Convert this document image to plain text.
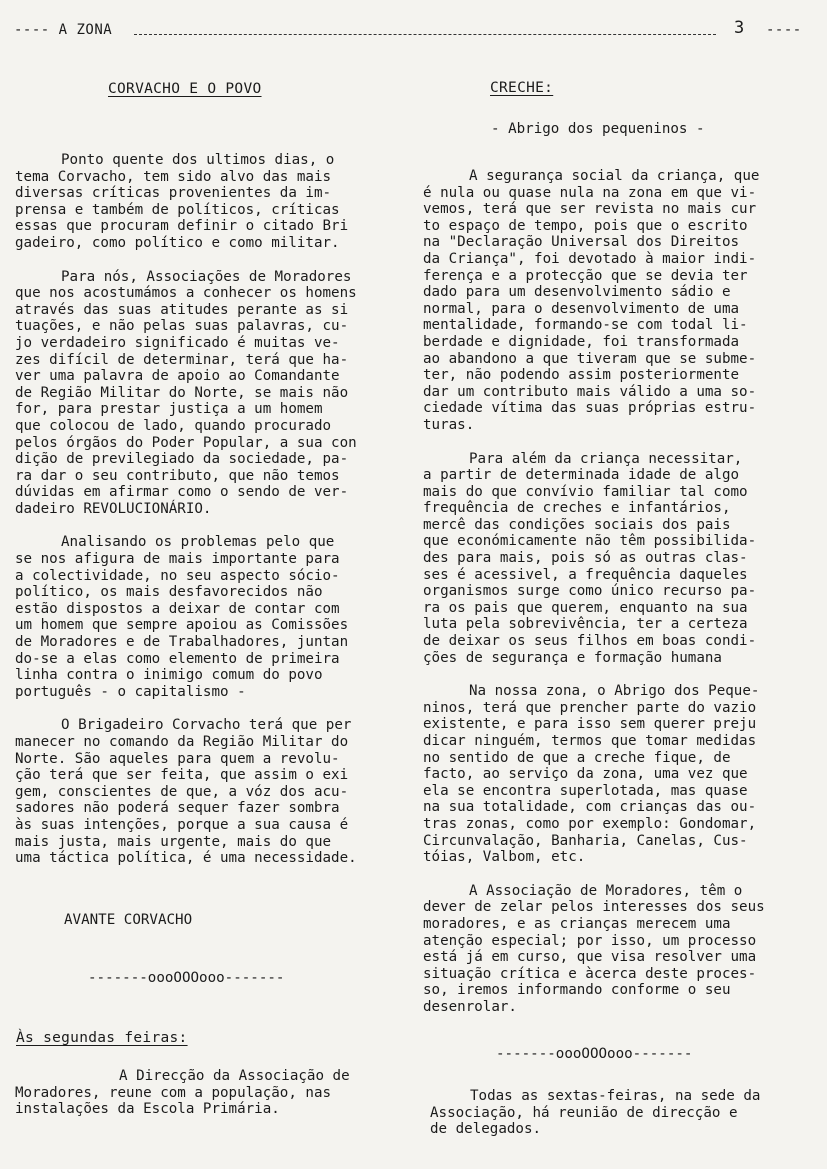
---- A ZONA	3 ----
CORVACHO E O POVO

Ponto quente dos ultimos dias, o
tema Corvacho, tem sido alvo das mais
diversas críticas provenientes da im-
prensa e também de políticos, críticas
essas que procuram definir o citado Bri
gadeiro, como político e como militar.

Para nós, Associações de Moradores
que nos acostumámos a conhecer os homens
através das suas atitudes perante as si
tuações, e não pelas suas palavras, cu-
jo verdadeiro significado é muitas ve-
zes difícil de determinar, terá que ha-
ver uma palavra de apoio ao Comandante
de Região Militar do Norte, se mais não
for, para prestar justiça a um homem
que colocou de lado, quando procurado
pelos órgãos do Poder Popular, a sua con
dição de previlegiado da sociedade, pa-
ra dar o seu contributo, que não temos
dúvidas em afirmar como o sendo de ver-
dadeiro REVOLUCIONÁRIO.

Analisando os problemas pelo que
se nos afigura de mais importante para
a colectividade, no seu aspecto sócio-
político, os mais desfavorecidos não
estão dispostos a deixar de contar com
um homem que sempre apoiou as Comissões
de Moradores e de Trabalhadores, juntan
do-se a elas como elemento de primeira
linha contra o inimigo comum do povo
português - o capitalismo -

O Brigadeiro Corvacho terá que per
manecer no comando da Região Militar do
Norte. São aqueles para quem a revolu-
ção terá que ser feita, que assim o exi
gem, conscientes de que, a vóz dos acu-
sadores não poderá sequer fazer sombra
às suas intenções, porque a sua causa é
mais justa, mais urgente, mais do que
uma táctica política, é uma necessidade.

AVANTE CORVACHO
-------oooOOOooo-------
Às segundas feiras:
A Direcção da Associação de
Moradores, reune com a população, nas
instalações da Escola Primária.
CRECHE:
- Abrigo dos pequeninos -

A segurança social da criança, que
é nula ou quase nula na zona em que vi-
vemos, terá que ser revista no mais cur
to espaço de tempo, pois que o escrito
na "Declaração Universal dos Direitos
da Criança", foi devotado à maior indi-
ferença e a protecção que se devia ter
dado para um desenvolvimento sádio e
normal, para o desenvolvimento de uma
mentalidade, formando-se com todal li-
berdade e dignidade, foi transformada
ao abandono a que tiveram que se subme-
ter, não podendo assim posteriormente
dar um contributo mais válido a uma so-
ciedade vítima das suas próprias estru-
turas.

Para além da criança necessitar,
a partir de determinada idade de algo
mais do que convívio familiar tal como
frequência de creches e infantários,
mercê das condições sociais dos pais
que económicamente não têm possibilida-
des para mais, pois só as outras clas-
ses é acessivel, a frequência daqueles
organismos surge como único recurso pa-
ra os pais que querem, enquanto na sua
luta pela sobrevivência, ter a certeza
de deixar os seus filhos em boas condi-
ções de segurança e formação humana

Na nossa zona, o Abrigo dos Peque-
ninos, terá que prencher parte do vazio
existente, e para isso sem querer preju
dicar ninguém, termos que tomar medidas
no sentido de que a creche fique, de
facto, ao serviço da zona, uma vez que
ela se encontra superlotada, mas quase
na sua totalidade, com crianças das ou-
tras zonas, como por exemplo: Gondomar,
Circunvalação, Banharia, Canelas, Cus-
tóias, Valbom, etc.

A Associação de Moradores, têm o
dever de zelar pelos interesses dos seus
moradores, e as crianças merecem uma
atenção especial; por isso, um processo
está já em curso, que visa resolver uma
situação crítica e àcerca deste proces-
so, iremos informando conforme o seu
desenrolar.

-------oooOOOooo-------
Todas as sextas-feiras, na sede da
Associação, há reunião de direcção e
de delegados.
